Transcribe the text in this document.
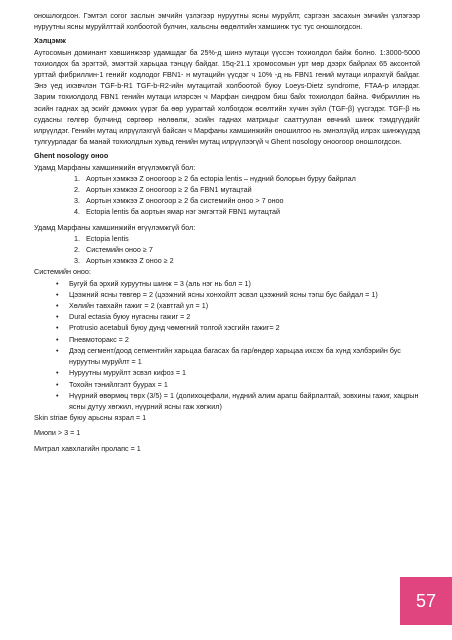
оношлогдсон. Гэмтэл согог заслын эмчийн үзлэгээр нуруутны ясны муруйлт, сэргээн засахын эмчийн үзлэгээр нуруутны ясны муруйлттай холбоотой булчин, хальсны өөдөлтийн хамшинж тус тус оношлогдсон.

Хэлцэмж

Аутосомын доминант хэвшинжээр удамшдаг ба 25%-д шинэ мутаци үүссэн тохиолдол байж болно. 1:3000-5000 тохиолдох ба эрэгтэй, эмэгтэй харьцаа тэнцүү байдаг. 15q-21.1 хромосомын урт мөр дээрх байрлах 65 аксонтой урттай фибриллин-1 генийг кодлодог FBN1- н мутацийн үүсдэг ч 10% -д нь FBN1 гений мутаци илрахгүй байдаг. Энэ үед ихэвчлэн TGF-b-R1 TGF-b-R2-ийн мутацитай холбоотой буюу Loeys-Dietz syndrome, FTAA-р илэрдэг. Зарим тохиолдолд FBN1 генийн мутаци илэрсэн ч Марфан синдром биш байх тохиолдол байна. Фибриллин нь эсийн гаднах эд эсийг дэмжих үүрэг ба өөр уурагтай холбогдож өсөлтийн хүчин зүйл (TGF-β) үүсгэдэг. TGF-β нь судасны гөлгөр булчинд сөргөөр нөлөөлж, эсийн гаднах матрицыг сааттуулан өвчний шинж тэмдгүүдийг илрүүлдэг. Генийн мутац илрүүлэхгүй байсан ч Марфаны хамшинжийн оношилгоо нь эмнэлзүйд илрэх шинжүүдэд тулгуурладаг ба манай тохиолдлын хувьд генийн мутац илрүүлээгүй ч Ghent nosology оноогоор оношлогдсон.

Ghent nosology оноо

Удамд Марфаны хамшинжийн өгүүлэмжгүй бол:

1. Аортын хэмжээ Z оноогоор ≥ 2 ба ectopia lentis – нүдний болорын буруу байрлал
2. Аортын хэмжээ Z оноогоор ≥ 2 ба FBN1 мутацтай
3. Аортын хэмжээ Z оноогоор ≥ 2 ба системийн оноо > 7 оноо
4. Ectopia lentis ба аортын ямар нэг эмгэгтэй FBN1 мутацтай

Удамд Марфаны хамшинжийн өгүүлэмжгүй бол:

1. Ectopia lentis
2. Системийн оноо ≥ 7
3. Аортын хэмжээ Z оноо ≥ 2

Системийн оноо:

• Бугуй ба эрхий хуруутны шинж = 3 (аль нэг нь бол = 1)
• Цээжний ясны төвгөр = 2 (цээжний ясны хонхойлт эсвэл цээжний ясны тэгш бус байдал = 1)
• Хөлийн тавхайн гажиг = 2 (хавтгай ул = 1)
• Dural ectasia буюу нугасны гажиг = 2
• Protrusio acetabuli буюу дунд чөмөгний толгой хэсгийн гажиг= 2
• Пневмоторакс = 2
• Дээд сегмент/доод сегментийн харьцаа багасах ба гар/өндөр харьцаа ихсэх ба хүнд хэлбэрийн бус нуруутны муруйлт = 1
• Нуруутны муруйлт эсвэл кифоз = 1
• Тохойн тэнийлгэлт буурах = 1
• Нүүрний өвөрмөц төрх (3/5) = 1 (долихоцефали, нүдний алим арагш байрлалтай, зовхины гажиг, хацрын ясны дутуу хөгжил, нүүрний ясны гаж хөгжил)

Skin striae буюу арьсны язрал = 1

Миопи > 3 = 1

Митрал хавхлагийн пролапс = 1

57
